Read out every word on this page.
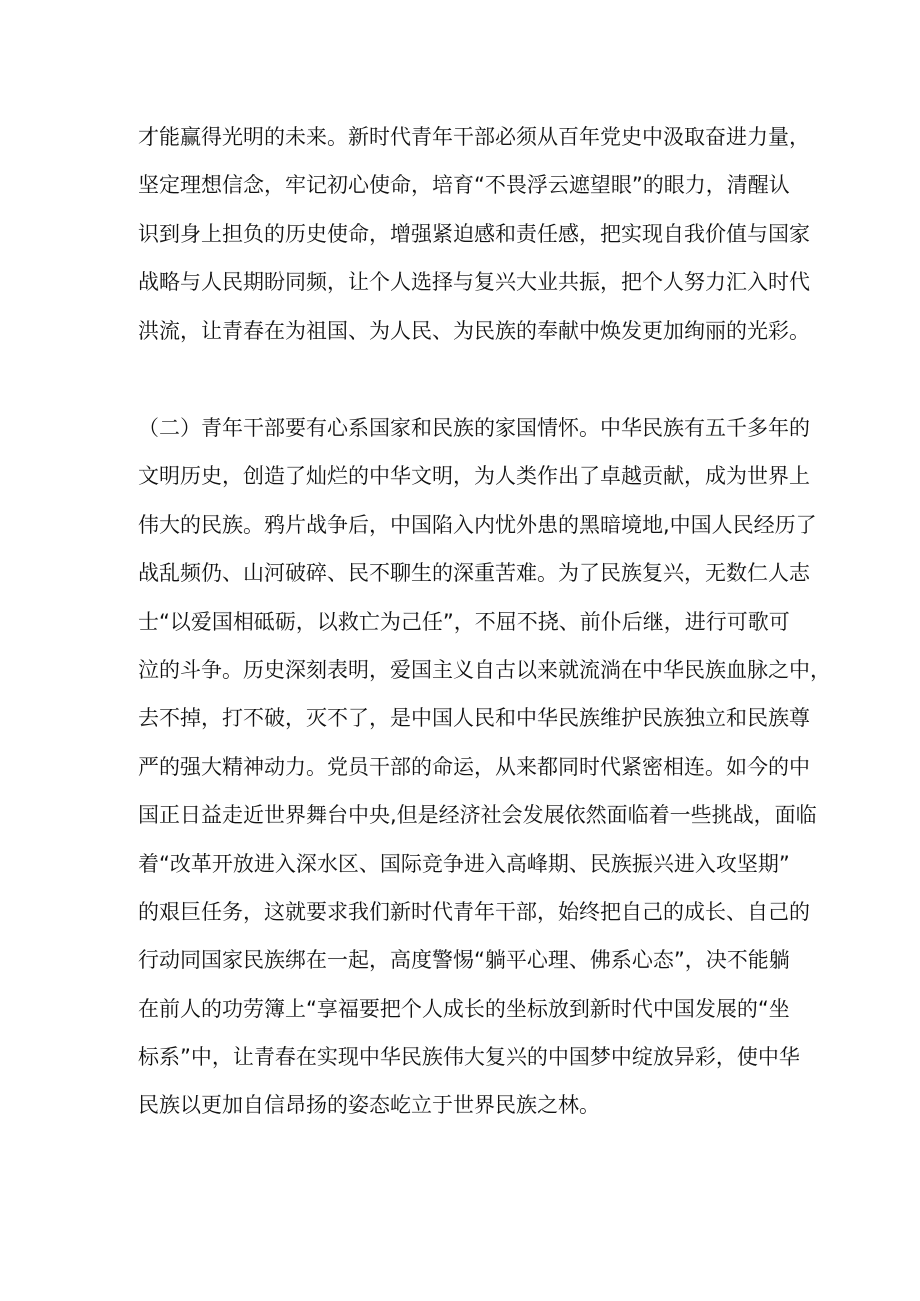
才能赢得光明的未来。新时代青年干部必须从百年党史中汲取奋进力量，
坚定理想信念，牢记初心使命，培育“不畏浮云遮望眼”的眼力，清醒认
识到身上担负的历史使命，增强紧迫感和责任感，把实现自我价值与国家
战略与人民期盼同频，让个人选择与复兴大业共振，把个人努力汇入时代
洪流，让青春在为祖国、为人民、为民族的奉献中焕发更加绚丽的光彩。
（二）青年干部要有心系国家和民族的家国情怀。中华民族有五千多年的
文明历史，创造了灿烂的中华文明，为人类作出了卓越贡献，成为世界上
伟大的民族。鸦片战争后，中国陷入内忧外患的黑暗境地,中国人民经历了
战乱频仍、山河破碎、民不聊生的深重苦难。为了民族复兴，无数仁人志
士“以爱国相砥砺，以救亡为己任”，不屈不挠、前仆后继，进行可歌可
泣的斗争。历史深刻表明，爱国主义自古以来就流淌在中华民族血脉之中，
去不掉，打不破，灭不了，是中国人民和中华民族维护民族独立和民族尊
严的强大精神动力。党员干部的命运，从来都同时代紧密相连。如今的中
国正日益走近世界舞台中央,但是经济社会发展依然面临着一些挑战，面临
着“改革开放进入深水区、国际竞争进入高峰期、民族振兴进入攻坚期”
的艰巨任务，这就要求我们新时代青年干部，始终把自己的成长、自己的
行动同国家民族绑在一起，高度警惕“躺平心理、佛系心态”，决不能躺
在前人的功劳簿上“享福要把个人成长的坐标放到新时代中国发展的“坐
标系”中，让青春在实现中华民族伟大复兴的中国梦中绽放异彩，使中华
民族以更加自信昂扬的姿态屹立于世界民族之林。
